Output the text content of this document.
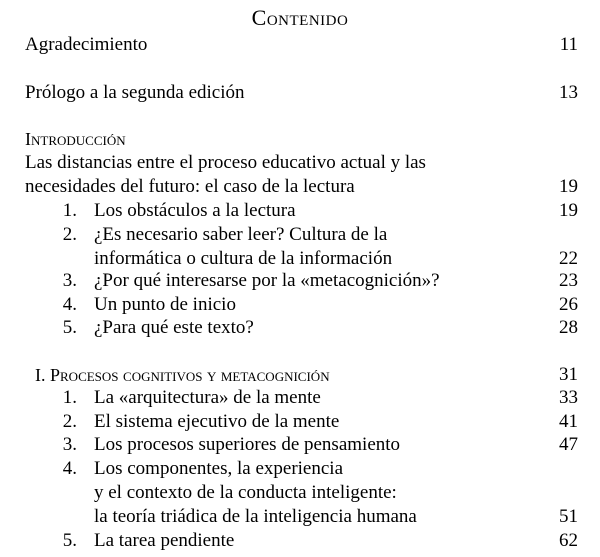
Contenido
Agradecimiento	11
Prólogo a la segunda edición	13
Introducción
Las distancias entre el proceso educativo actual y las
necesidades del futuro: el caso de la lectura	19
1. Los obstáculos a la lectura	19
2. ¿Es necesario saber leer? Cultura de la
informática o cultura de la información	22
3. ¿Por qué interesarse por la «metacognición»?	23
4. Un punto de inicio	26
5. ¿Para qué este texto?	28
I. Procesos cognitivos y metacognición	31
1. La «arquitectura» de la mente	33
2. El sistema ejecutivo de la mente	41
3. Los procesos superiores de pensamiento	47
4. Los componentes, la experiencia
y el contexto de la conducta inteligente:
la teoría triádica de la inteligencia humana	51
5. La tarea pendiente	62
